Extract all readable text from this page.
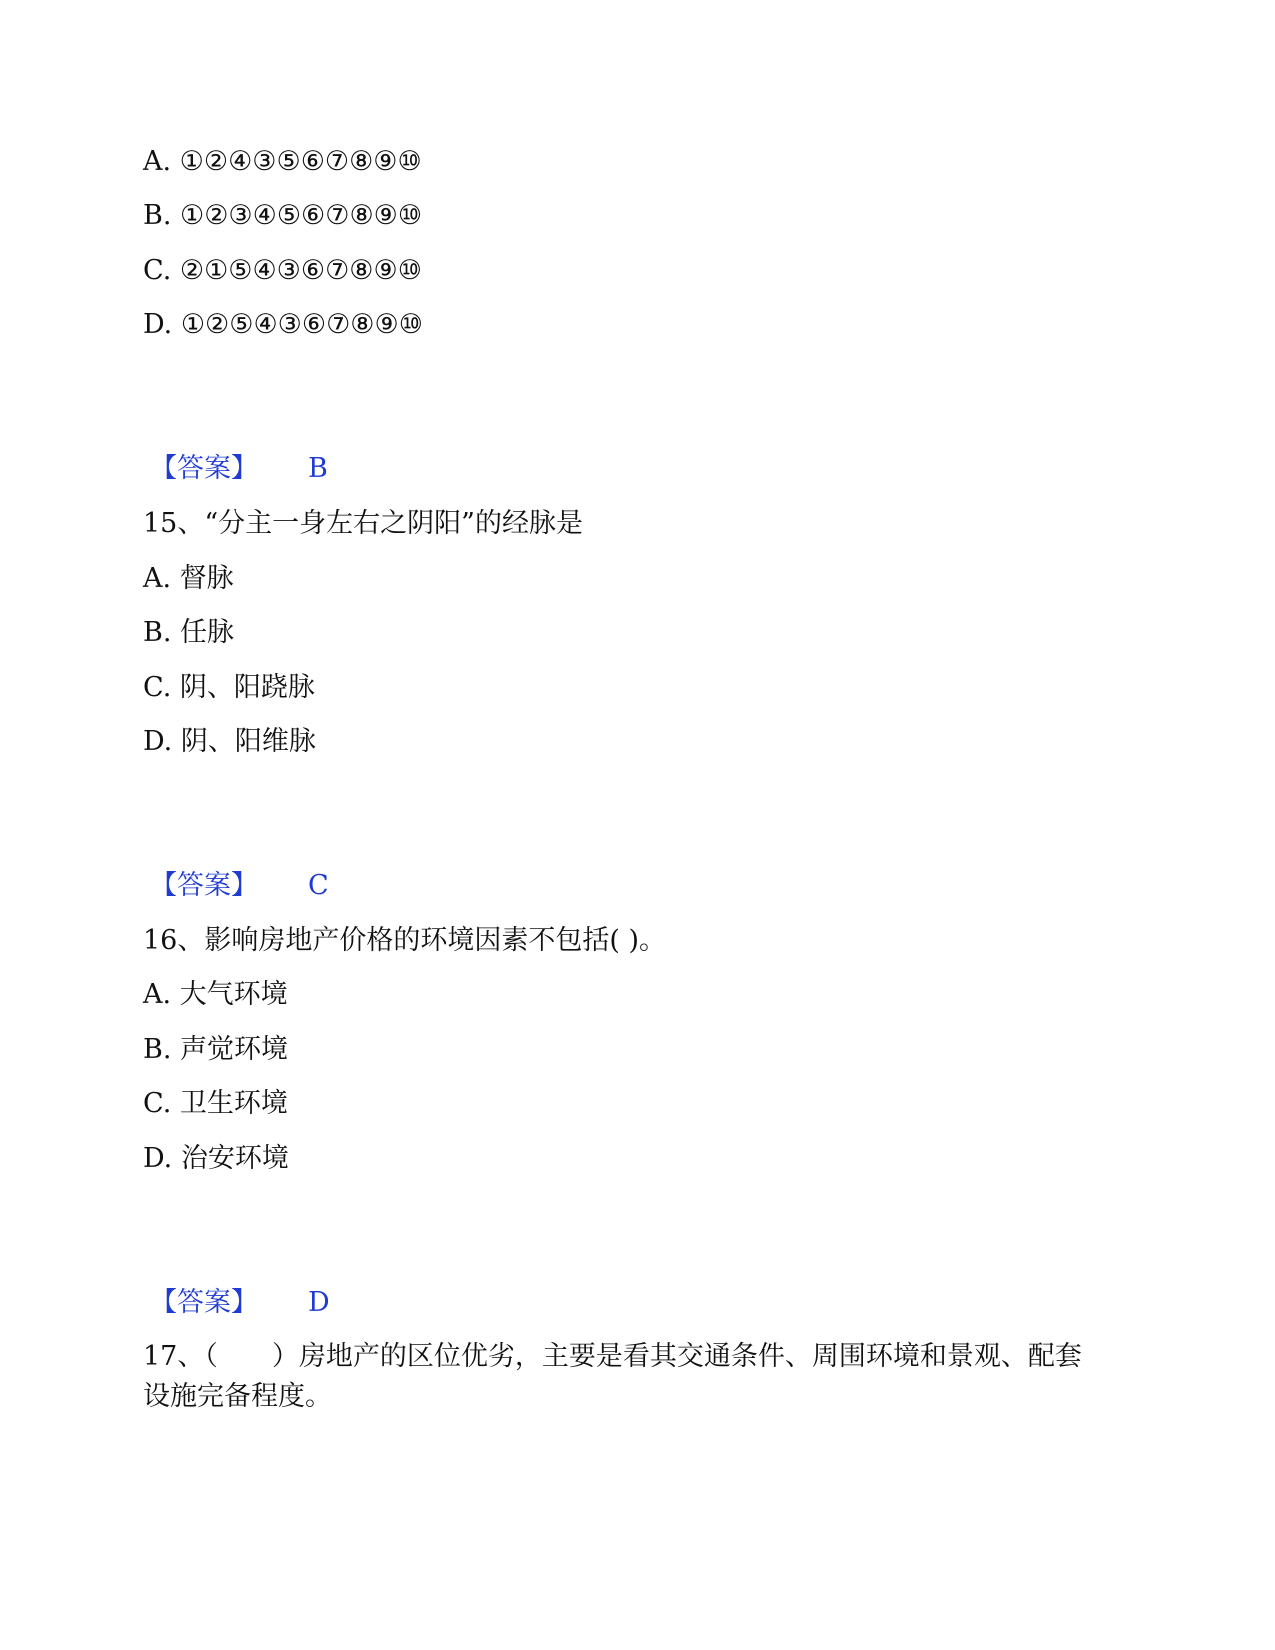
A. ①②④③⑤⑥⑦⑧⑨⑩
B. ①②③④⑤⑥⑦⑧⑨⑩
C. ②①⑤④③⑥⑦⑧⑨⑩
D. ①②⑤④③⑥⑦⑧⑨⑩
【答案】 B
15、“分主一身左右之阴阳”的经脉是
A. 督脉
B. 任脉
C. 阴、阳跷脉
D. 阴、阳维脉
【答案】 C
16、影响房地产价格的环境因素不包括( )。
A. 大气环境
B. 声觉环境
C. 卫生环境
D. 治安环境
【答案】 D
17、（　　）房地产的区位优劣，主要是看其交通条件、周围环境和景观、配套设施完备程度。
